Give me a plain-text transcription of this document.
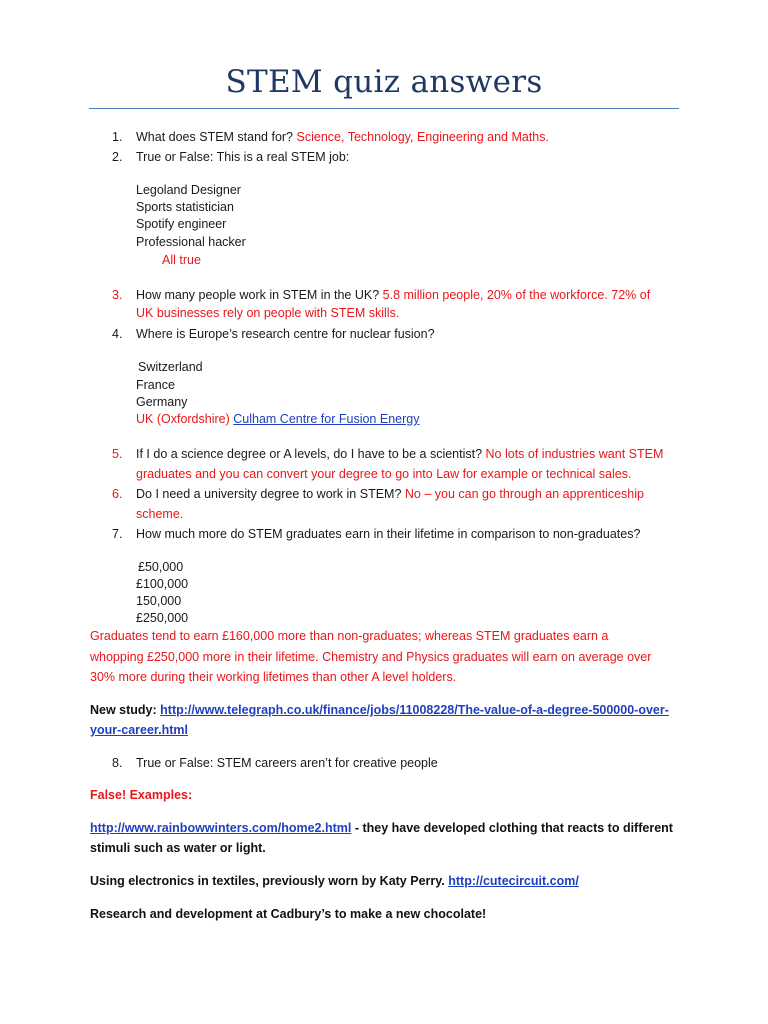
STEM quiz answers
1. What does STEM stand for? Science, Technology, Engineering and Maths.
2. True or False: This is a real STEM job:
Legoland Designer
Sports statistician
Spotify engineer
Professional hacker
All true
3. How many people work in STEM in the UK? 5.8 million people, 20% of the workforce. 72% of
UK businesses rely on people with STEM skills.
4. Where is Europe’s research centre for nuclear fusion?
Switzerland
France
Germany
UK (Oxfordshire) Culham Centre for Fusion Energy
5. If I do a science degree or A levels, do I have to be a scientist? No lots of industries want STEM
graduates and you can convert your degree to go into Law for example or technical sales.
6. Do I need a university degree to work in STEM? No – you can go through an apprenticeship
scheme.
7. How much more do STEM graduates earn in their lifetime in comparison to non-graduates?
£50,000
£100,000
150,000
£250,000
Graduates tend to earn £160,000 more than non-graduates; whereas STEM graduates earn a
whopping £250,000 more in their lifetime. Chemistry and Physics graduates will earn on average over
30% more during their working lifetimes than other A level holders.
New study: http://www.telegraph.co.uk/finance/jobs/11008228/The-value-of-a-degree-500000-over-
your-career.html
8. True or False: STEM careers aren’t for creative people
False! Examples:
http://www.rainbowwinters.com/home2.html - they have developed clothing that reacts to different
stimuli such as water or light.
Using electronics in textiles, previously worn by Katy Perry. http://cutecircuit.com/
Research and development at Cadbury’s to make a new chocolate!
